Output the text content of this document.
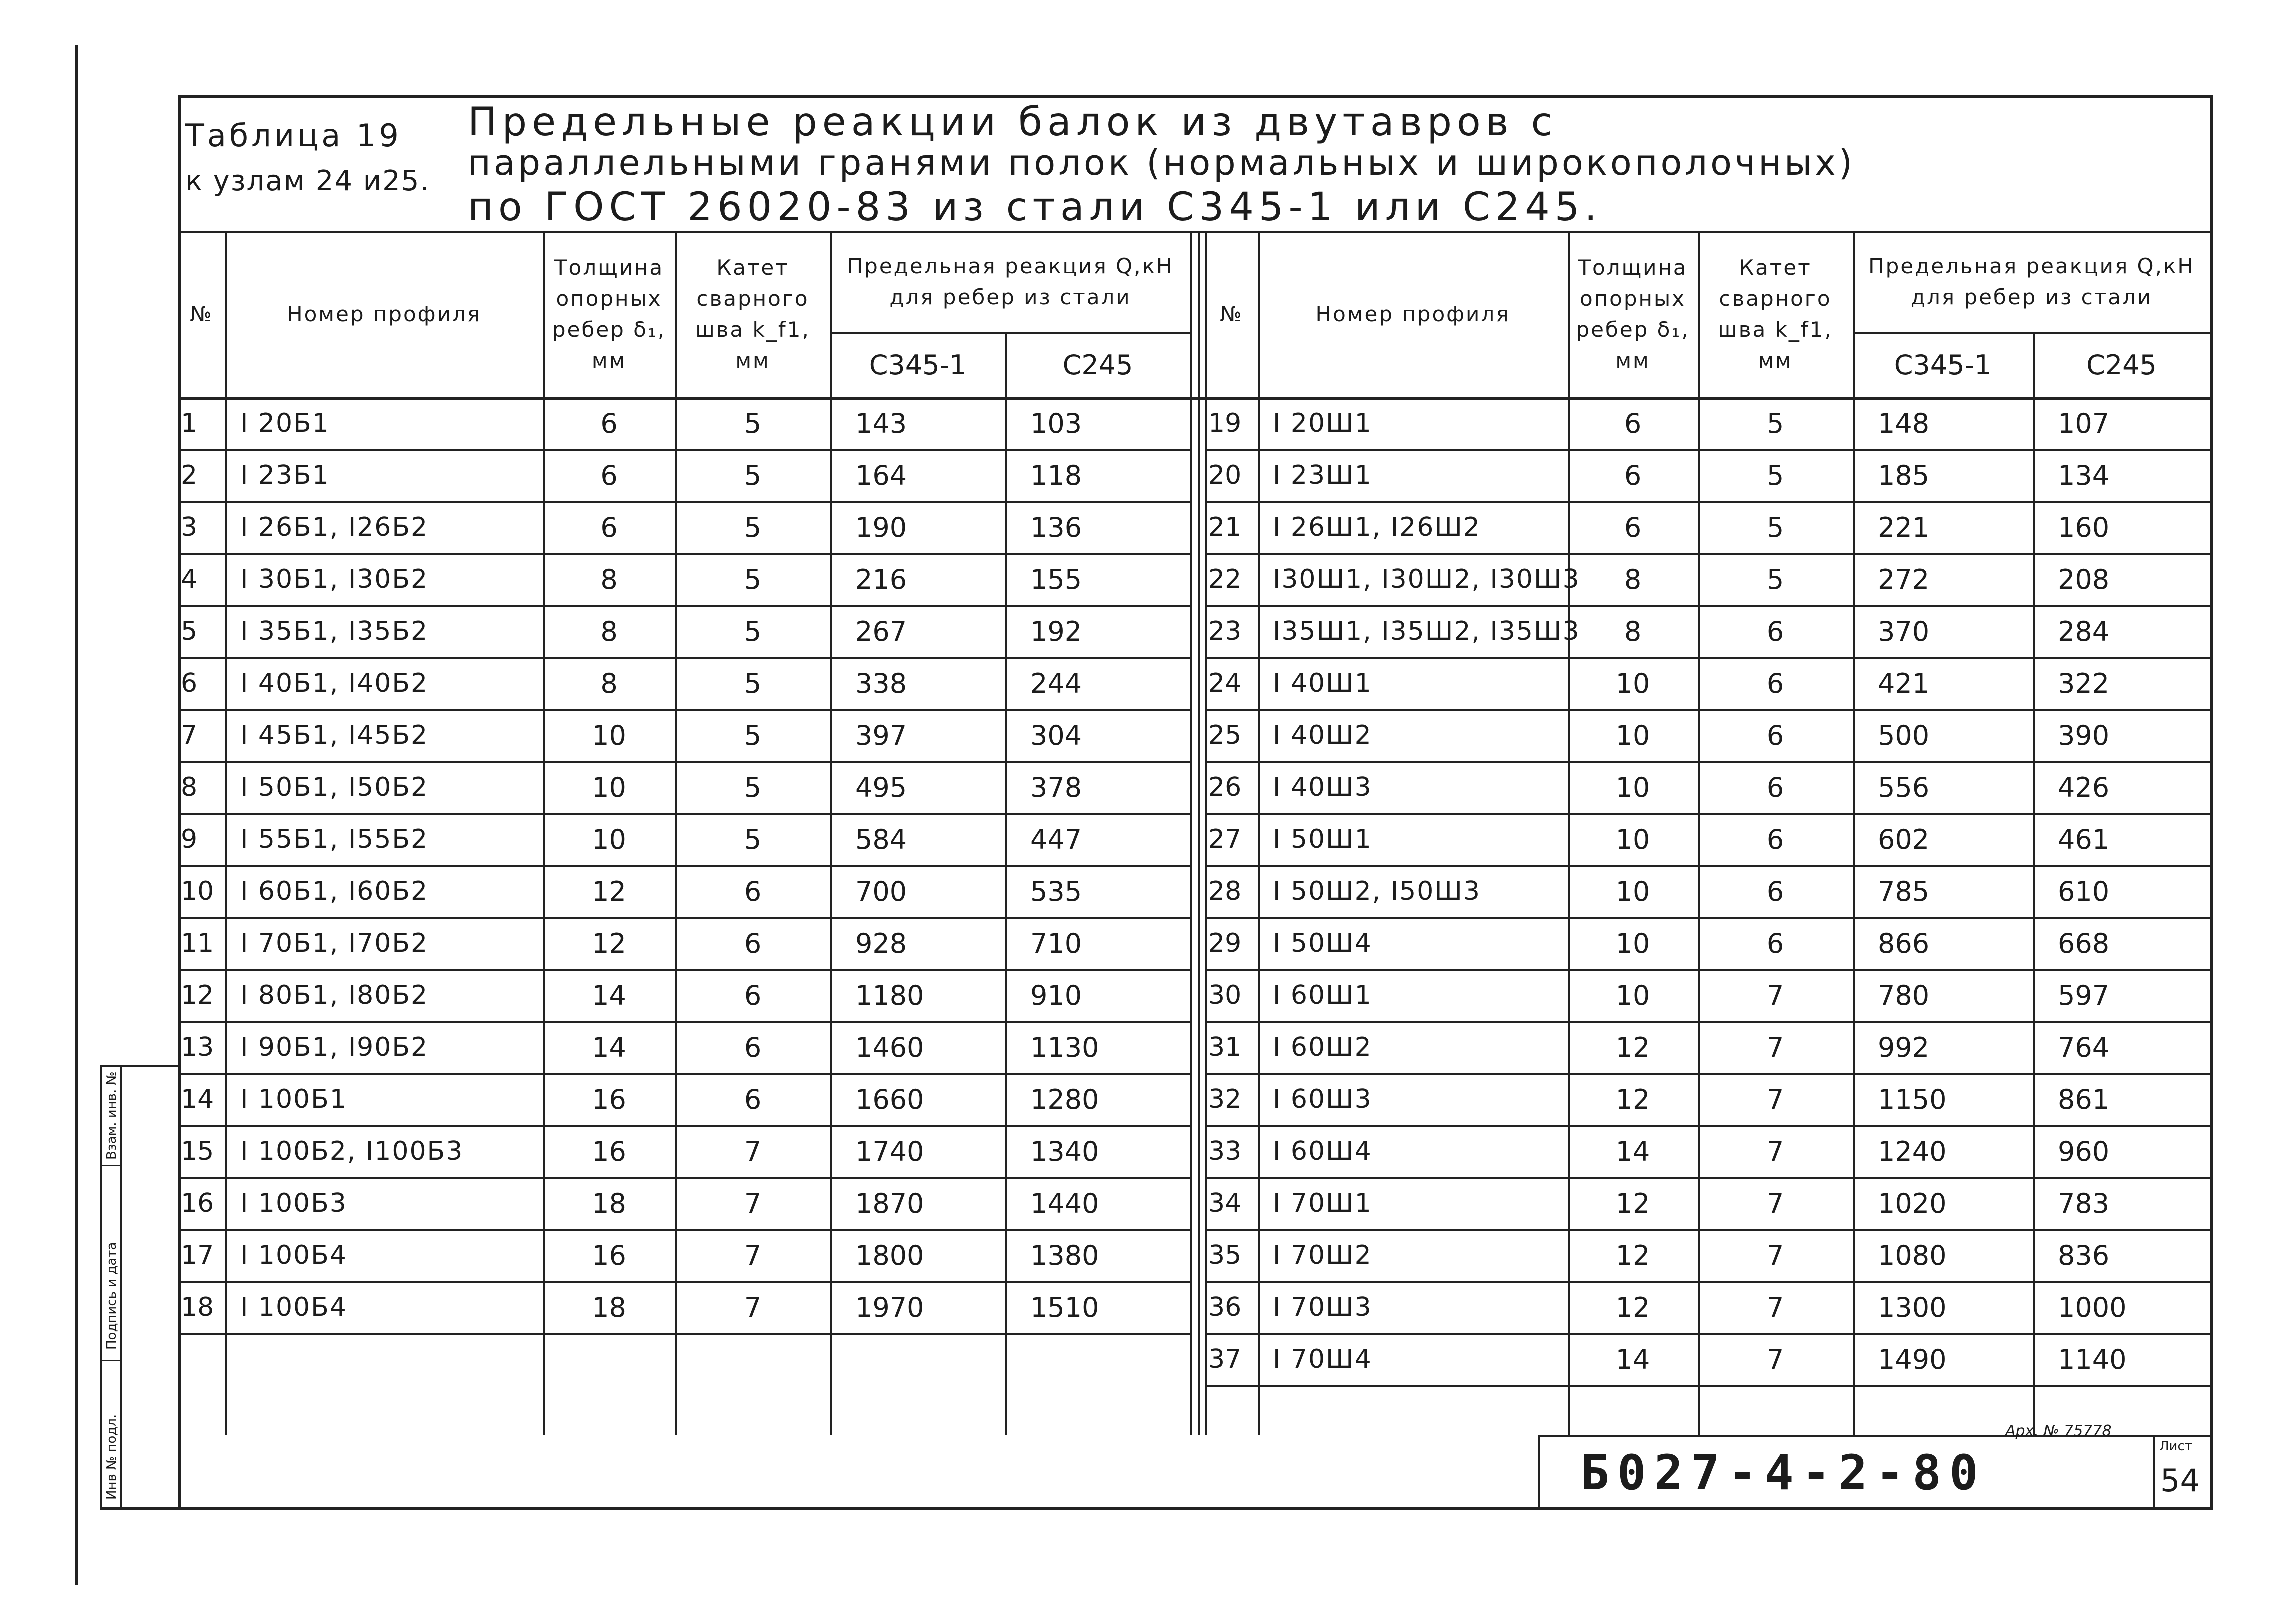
Взам. инв. №
Подпись и дата
Инв № подл.
Таблица 19
к узлам 24 и25.
Предельные реакции балок из двутавров с
параллельными гранями полок (нормальных и широкополочных)
по ГОСТ 26020-83 из стали С345-1 или С245.
№	Номер профиля
Толщина опорных ребер δ₁, мм
Катет сварного шва k_f1, мм
Предельная реакция Q,кН для ребер из стали
С345-1	С245
№	Номер профиля
Толщина опорных ребер δ₁, мм
Катет сварного шва k_f1, мм
Предельная реакция Q,кН для ребер из стали
С345-1	С245
1	I 20Б1	6	5	143	103
2	I 23Б1	6	5	164	118
3	I 26Б1, I26Б2	6	5	190	136
4	I 30Б1, I30Б2	8	5	216	155
5	I 35Б1, I35Б2	8	5	267	192
6	I 40Б1, I40Б2	8	5	338	244
7	I 45Б1, I45Б2	10	5	397	304
8	I 50Б1, I50Б2	10	5	495	378
9	I 55Б1, I55Б2	10	5	584	447
10	I 60Б1, I60Б2	12	6	700	535
11	I 70Б1, I70Б2	12	6	928	710
12	I 80Б1, I80Б2	14	6	1180	910
13	I 90Б1, I90Б2	14	6	1460	1130
14	I 100Б1	16	6	1660	1280
15	I 100Б2, I100Б3	16	7	1740	1340
16	I 100Б3	18	7	1870	1440
17	I 100Б4	16	7	1800	1380
18	I 100Б4	18	7	1970	1510
19	I 20Ш1	6	5	148	107
20	I 23Ш1	6	5	185	134
21	I 26Ш1, I26Ш2	6	5	221	160
22	I30Ш1, I30Ш2, I30Ш3	8	5	272	208
23	I35Ш1, I35Ш2, I35Ш3	8	6	370	284
24	I 40Ш1	10	6	421	322
25	I 40Ш2	10	6	500	390
26	I 40Ш3	10	6	556	426
27	I 50Ш1	10	6	602	461
28	I 50Ш2, I50Ш3	10	6	785	610
29	I 50Ш4	10	6	866	668
30	I 60Ш1	10	7	780	597
31	I 60Ш2	12	7	992	764
32	I 60Ш3	12	7	1150	861
33	I 60Ш4	14	7	1240	960
34	I 70Ш1	12	7	1020	783
35	I 70Ш2	12	7	1080	836
36	I 70Ш3	12	7	1300	1000
37	I 70Ш4	14	7	1490	1140
Арх. № 75778
Б027-4-2-80	Лист
54
